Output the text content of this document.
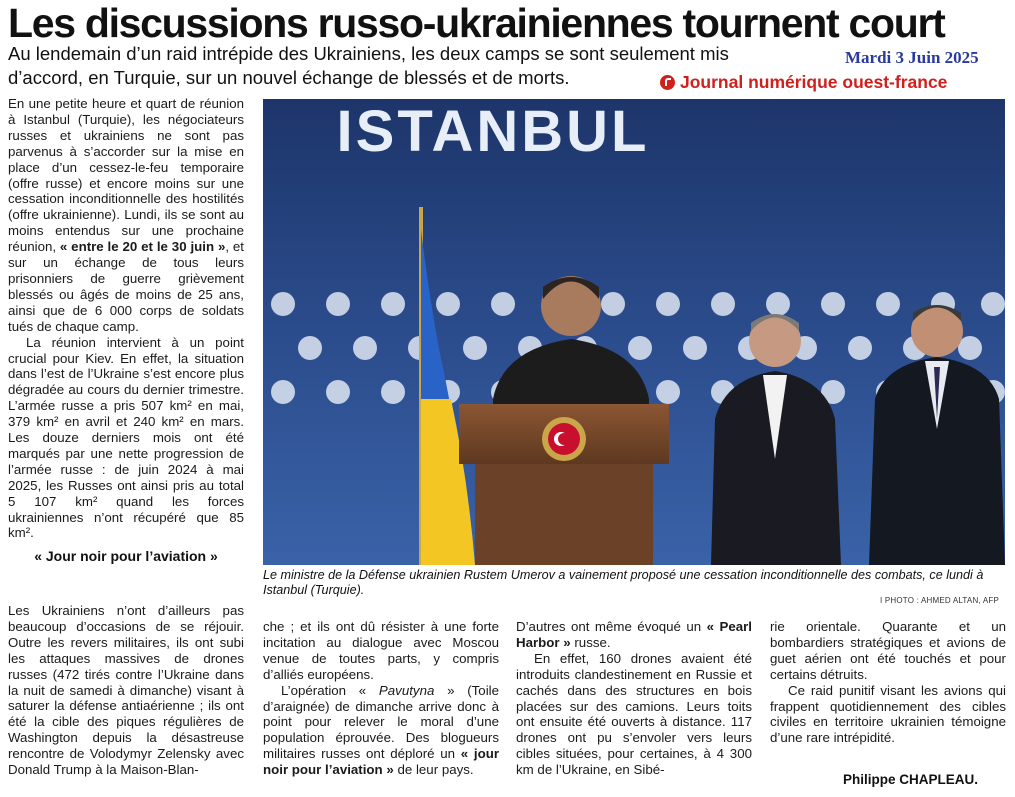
Les discussions russo-ukrainiennes tournent court

Au lendemain d’un raid intrépide des Ukrainiens, les deux camps se sont seulement mis d’accord, en Turquie, sur un nouvel échange de blessés et de morts.

Mardi 3 Juin 2025
Journal numérique ouest-france

En une petite heure et quart de réunion à Istanbul (Turquie), les négociateurs russes et ukrainiens ne sont pas parvenus à s’accorder sur la mise en place d’un cessez-le-feu temporaire (offre russe) et encore moins sur une cessation inconditionnelle des hostilités (offre ukrainienne). Lundi, ils se sont au moins entendus sur une prochaine réunion, « entre le 20 et le 30 juin », et sur un échange de tous leurs prisonniers de guerre grièvement blessés ou âgés de moins de 25 ans, ainsi que de 6 000 corps de soldats tués de chaque camp.

La réunion intervient à un point crucial pour Kiev. En effet, la situation dans l’est de l’Ukraine s’est encore plus dégradée au cours du dernier trimestre. L’armée russe a pris 507 km² en mai, 379 km² en avril et 240 km² en mars. Les douze derniers mois ont été marqués par une nette progression de l’armée russe : de juin 2024 à mai 2025, les Russes ont ainsi pris au total 5 107 km² quand les forces ukrainiennes n’ont récupéré que 85 km².

« Jour noir pour l’aviation »
ISTANBUL
Le ministre de la Défense ukrainien Rustem Umerov a vainement proposé une cessation inconditionnelle des combats, ce lundi à Istanbul (Turquie).
I PHOTO : AHMED ALTAN, AFP

Les Ukrainiens n’ont d’ailleurs pas beaucoup d’occasions de se réjouir. Outre les revers militaires, ils ont subi les attaques massives de drones russes (472 tirés contre l’Ukraine dans la nuit de samedi à dimanche) visant à saturer la défense antiaérienne ; ils ont été la cible des piques régulières de Washington depuis la désastreuse rencontre de Volodymyr Zelensky avec Donald Trump à la Maison-Blan-

che ; et ils ont dû résister à une forte incitation au dialogue avec Moscou venue de toutes parts, y compris d’alliés européens.

L’opération « Pavutyna » (Toile d’araignée) de dimanche arrive donc à point pour relever le moral d’une population éprouvée. Des blogueurs militaires russes ont déploré un « jour noir pour l’aviation » de leur pays.

D’autres ont même évoqué un « Pearl Harbor » russe.

En effet, 160 drones avaient été introduits clandestinement en Russie et cachés dans des structures en bois placées sur des camions. Leurs toits ont ensuite été ouverts à distance. 117 drones ont pu s’envoler vers leurs cibles situées, pour certaines, à 4 300 km de l’Ukraine, en Sibé-

rie orientale. Quarante et un bombardiers stratégiques et avions de guet aérien ont été touchés et pour certains détruits.

Ce raid punitif visant les avions qui frappent quotidiennement des cibles civiles en territoire ukrainien témoigne d’une rare intrépidité.

Philippe CHAPLEAU.
